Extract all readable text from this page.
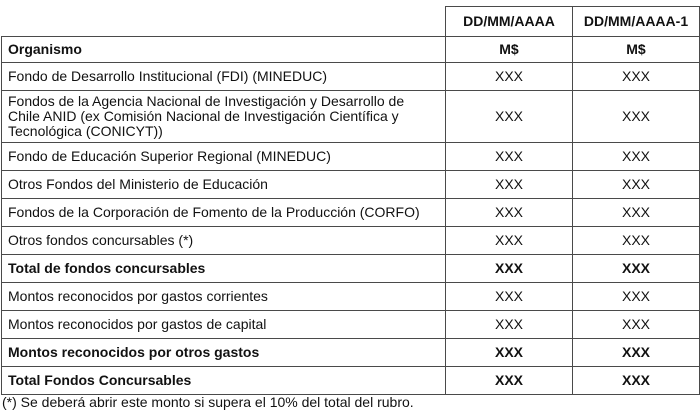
	DD/MM/AAAA	DD/MM/AAAA-1
Organismo	M$	M$
Fondo de Desarrollo Institucional (FDI) (MINEDUC)	XXX	XXX
Fondos de la Agencia Nacional de Investigación y Desarrollo de Chile ANID (ex Comisión Nacional de Investigación Científica y Tecnológica (CONICYT))	XXX	XXX
Fondo de Educación Superior Regional (MINEDUC)	XXX	XXX
Otros Fondos del Ministerio de Educación	XXX	XXX
Fondos de la Corporación de Fomento de la Producción (CORFO)	XXX	XXX
Otros fondos concursables (*)	XXX	XXX
Total de fondos concursables	XXX	XXX
Montos reconocidos por gastos corrientes	XXX	XXX
Montos reconocidos por gastos de capital	XXX	XXX
Montos reconocidos por otros gastos	XXX	XXX
Total Fondos Concursables	XXX	XXX
(*) Se deberá abrir este monto si supera el 10% del total del rubro.
